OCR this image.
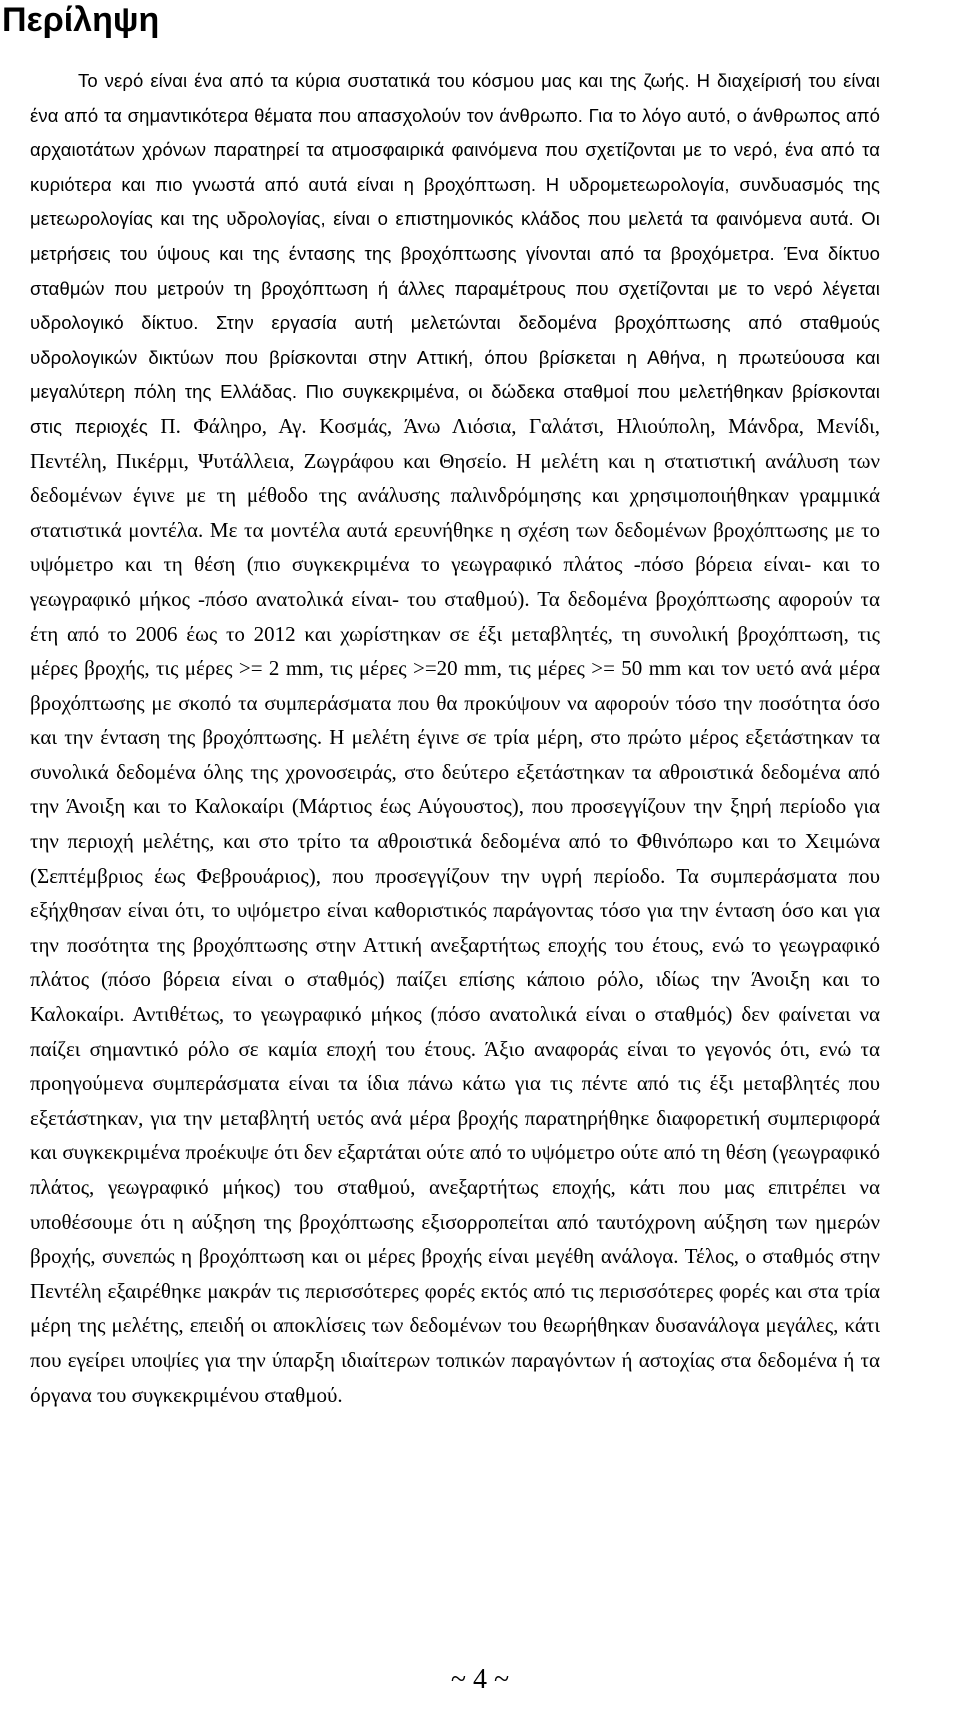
Περίληψη
Το νερό είναι ένα από τα κύρια συστατικά του κόσμου μας και της ζωής. Η διαχείρισή του είναι ένα από τα σημαντικότερα θέματα που απασχολούν τον άνθρωπο. Για το λόγο αυτό, ο άνθρωπος από αρχαιοτάτων χρόνων παρατηρεί τα ατμοσφαιρικά φαινόμενα που σχετίζονται με το νερό, ένα από τα κυριότερα και πιο γνωστά από αυτά είναι η βροχόπτωση. Η υδρομετεωρολογία, συνδυασμός της μετεωρολογίας και της υδρολογίας, είναι ο επιστημονικός κλάδος που μελετά τα φαινόμενα αυτά. Οι μετρήσεις του ύψους και της έντασης της βροχόπτωσης γίνονται από τα βροχόμετρα. Ένα δίκτυο σταθμών που μετρούν τη βροχόπτωση ή άλλες παραμέτρους που σχετίζονται με το νερό λέγεται υδρολογικό δίκτυο. Στην εργασία αυτή μελετώνται δεδομένα βροχόπτωσης από σταθμούς υδρολογικών δικτύων που βρίσκονται στην Αττική, όπου βρίσκεται η Αθήνα, η πρωτεύουσα και μεγαλύτερη πόλη της Ελλάδας. Πιο συγκεκριμένα, οι δώδεκα σταθμοί που μελετήθηκαν βρίσκονται στις περιοχές Π. Φάληρο, Αγ. Κοσμάς, Άνω Λιόσια, Γαλάτσι, Ηλιούπολη, Μάνδρα, Μενίδι, Πεντέλη, Πικέρμι, Ψυτάλλεια, Ζωγράφου και Θησείο. Η μελέτη και η στατιστική ανάλυση των δεδομένων έγινε με τη μέθοδο της ανάλυσης παλινδρόμησης και χρησιμοποιήθηκαν γραμμικά στατιστικά μοντέλα. Με τα μοντέλα αυτά ερευνήθηκε η σχέση των δεδομένων βροχόπτωσης με το υψόμετρο και τη θέση (πιο συγκεκριμένα το γεωγραφικό πλάτος -πόσο βόρεια είναι- και το γεωγραφικό μήκος -πόσο ανατολικά είναι- του σταθμού). Τα δεδομένα βροχόπτωσης αφορούν τα έτη από το 2006 έως το 2012 και χωρίστηκαν σε έξι μεταβλητές, τη συνολική βροχόπτωση, τις μέρες βροχής, τις μέρες >= 2 mm, τις μέρες >=20 mm, τις μέρες >= 50 mm και τον υετό ανά μέρα βροχόπτωσης με σκοπό τα συμπεράσματα που θα προκύψουν να αφορούν τόσο την ποσότητα όσο και την ένταση της βροχόπτωσης. Η μελέτη έγινε σε τρία μέρη, στο πρώτο μέρος εξετάστηκαν τα συνολικά δεδομένα όλης της χρονοσειράς, στο δεύτερο εξετάστηκαν τα αθροιστικά δεδομένα από την Άνοιξη και το Καλοκαίρι (Μάρτιος έως Αύγουστος), που προσεγγίζουν την ξηρή περίοδο για την περιοχή μελέτης, και στο τρίτο τα αθροιστικά δεδομένα από το Φθινόπωρο και το Χειμώνα (Σεπτέμβριος έως Φεβρουάριος), που προσεγγίζουν την υγρή περίοδο. Τα συμπεράσματα που εξήχθησαν είναι ότι, το υψόμετρο είναι καθοριστικός παράγοντας τόσο για την ένταση όσο και για την ποσότητα της βροχόπτωσης στην Αττική ανεξαρτήτως εποχής του έτους, ενώ το γεωγραφικό πλάτος (πόσο βόρεια είναι ο σταθμός) παίζει επίσης κάποιο ρόλο, ιδίως την Άνοιξη και το Καλοκαίρι. Αντιθέτως, το γεωγραφικό μήκος (πόσο ανατολικά είναι ο σταθμός) δεν φαίνεται να παίζει σημαντικό ρόλο σε καμία εποχή του έτους. Άξιο αναφοράς είναι το γεγονός ότι, ενώ τα προηγούμενα συμπεράσματα είναι τα ίδια πάνω κάτω για τις πέντε από τις έξι μεταβλητές που εξετάστηκαν, για την μεταβλητή υετός ανά μέρα βροχής παρατηρήθηκε διαφορετική συμπεριφορά και συγκεκριμένα προέκυψε ότι δεν εξαρτάται ούτε από το υψόμετρο ούτε από τη θέση (γεωγραφικό πλάτος, γεωγραφικό μήκος) του σταθμού, ανεξαρτήτως εποχής, κάτι που μας επιτρέπει να υποθέσουμε ότι η αύξηση της βροχόπτωσης εξισορροπείται από ταυτόχρονη αύξηση των ημερών βροχής, συνεπώς η βροχόπτωση και οι μέρες βροχής είναι μεγέθη ανάλογα. Τέλος, ο σταθμός στην Πεντέλη εξαιρέθηκε μακράν τις περισσότερες φορές εκτός από τις περισσότερες φορές και στα τρία μέρη της μελέτης, επειδή οι αποκλίσεις των δεδομένων του θεωρήθηκαν δυσανάλογα μεγάλες, κάτι που εγείρει υποψίες για την ύπαρξη ιδιαίτερων τοπικών παραγόντων ή αστοχίας στα δεδομένα ή τα όργανα του συγκεκριμένου σταθμού.
~ 4 ~
